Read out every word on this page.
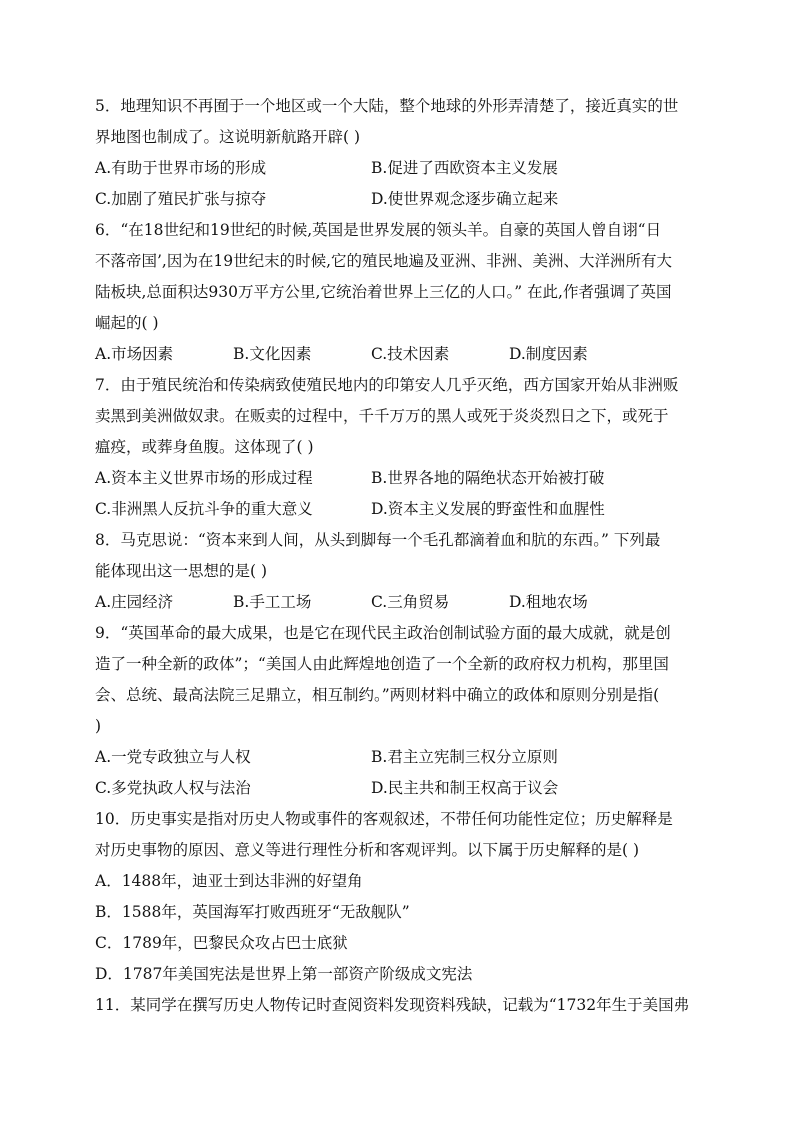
5．地理知识不再囿于一个地区或一个大陆，整个地球的外形弄清楚了，接近真实的世
界地图也制成了。这说明新航路开辟( )
A.有助于世界市场的形成	B.促进了西欧资本主义发展
C.加剧了殖民扩张与掠夺	D.使世界观念逐步确立起来
6．“在18世纪和19世纪的时候,英国是世界发展的领头羊。自豪的英国人曾自诩“日
不落帝国’,因为在19世纪末的时候,它的殖民地遍及亚洲、非洲、美洲、大洋洲所有大
陆板块,总面积达930万平方公里,它统治着世界上三亿的人口。” 在此,作者强调了英国
崛起的( )
A.市场因素	B.文化因素	C.技术因素	D.制度因素
7．由于殖民统治和传染病致使殖民地内的印第安人几乎灭绝，西方国家开始从非洲贩
卖黑到美洲做奴隶。在贩卖的过程中，千千万万的黑人或死于炎炎烈日之下，或死于
瘟疫，或葬身鱼腹。这体现了( )
A.资本主义世界市场的形成过程	B.世界各地的隔绝状态开始被打破
C.非洲黑人反抗斗争的重大意义	D.资本主义发展的野蛮性和血腥性
8．马克思说：“资本来到人间，从头到脚每一个毛孔都滴着血和肮的东西。” 下列最
能体现出这一思想的是( )
A.庄园经济	B.手工工场	C.三角贸易	D.租地农场
9．“英国革命的最大成果，也是它在现代民主政治创制试验方面的最大成就，就是创
造了一种全新的政体”；“美国人由此辉煌地创造了一个全新的政府权力机构，那里国
会、总统、最高法院三足鼎立，相互制约。”两则材料中确立的政体和原则分别是指(
)
A.一党专政独立与人权	B.君主立宪制三权分立原则
C.多党执政人权与法治	D.民主共和制王权高于议会
10．历史事实是指对历史人物或事件的客观叙述，不带任何功能性定位；历史解释是
对历史事物的原因、意义等进行理性分析和客观评判。以下属于历史解释的是( )
A．1488年，迪亚士到达非洲的好望角
B．1588年，英国海军打败西班牙“无敌舰队”
C．1789年，巴黎民众攻占巴士底狱
D．1787年美国宪法是世界上第一部资产阶级成文宪法
11．某同学在撰写历史人物传记时查阅资料发现资料残缺，记载为“1732年生于美国弗
